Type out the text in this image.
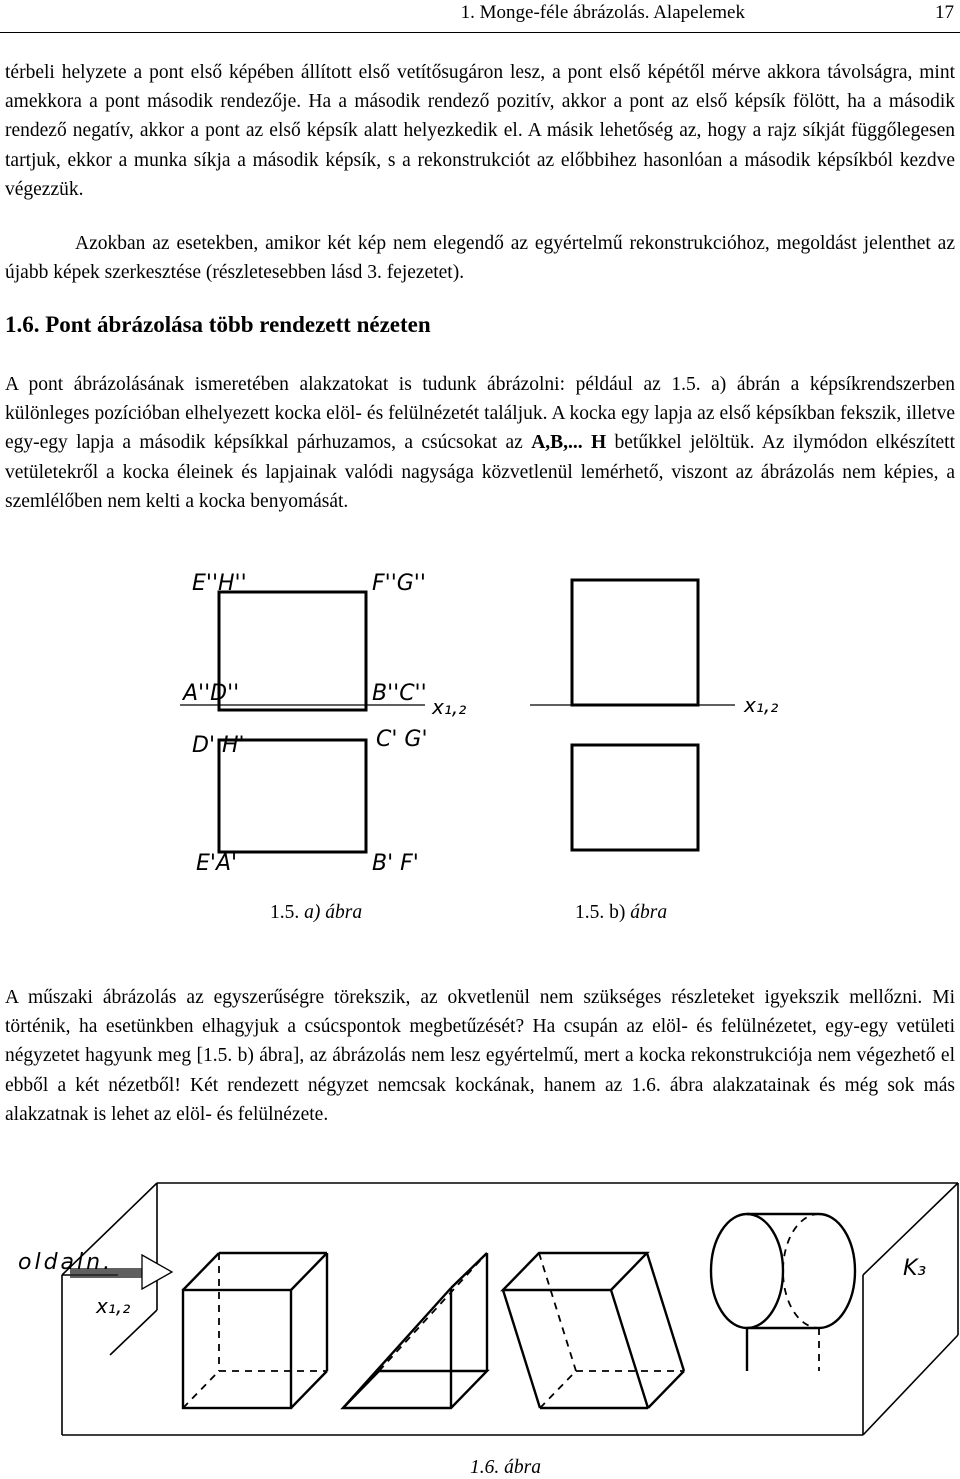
1. Monge-féle ábrázolás. Alapelemek	17

térbeli helyzete a pont első képében állított első vetítősugáron lesz, a pont első képétől mérve akkora távolságra, mint amekkora a pont második rendezője. Ha a második rendező pozitív, akkor a pont az első képsík fölött, ha a második rendező negatív, akkor a pont az első képsík alatt helyezkedik el. A másik lehetőség az, hogy a rajz síkját függőlegesen tartjuk, ekkor a munka síkja a második képsík, s a rekonstrukciót az előbbihez hasonlóan a második képsíkból kezdve végezzük.

Azokban az esetekben, amikor két kép nem elegendő az egyértelmű rekonstrukcióhoz, megoldást jelenthet az újabb képek szerkesztése (részletesebben lásd 3. fejezetet).

1.6. Pont ábrázolása több rendezett nézeten

A pont ábrázolásának ismeretében alakzatokat is tudunk ábrázolni: például az 1.5. a) ábrán a képsíkrendszerben különleges pozícióban elhelyezett kocka elöl- és felülnézetét találjuk. A kocka egy lapja az első képsíkban fekszik, illetve egy-egy lapja a második képsíkkal párhuzamos, a csúcsokat az A,B,... H betűkkel jelöltük. Az ilymódon elkészített vetületekről a kocka éleinek és lapjainak valódi nagysága közvetlenül lemérhető, viszont az ábrázolás nem képies, a szemlélőben nem kelti a kocka benyomását.

E''H''	F''G''
A''D''	B''C''
x₁,₂
D' H'	C' G'
E'A'	B' F'
x₁,₂
1.5. a) ábra	1.5. b) ábra

A műszaki ábrázolás az egyszerűségre törekszik, az okvetlenül nem szükséges részleteket igyekszik mellőzni. Mi történik, ha esetünkben elhagyjuk a csúcspontok megbetűzését? Ha csupán az elöl- és felülnézetet, egy-egy vetületi négyzetet hagyunk meg [1.5. b) ábra], az ábrázolás nem lesz egyértelmű, mert a kocka rekonstrukciója nem végezhető el ebből a két nézetből! Két rendezett négyzet nemcsak kockának, hanem az 1.6. ábra alakzatainak és még sok más alakzatnak is lehet az elöl- és felülnézete.

oldaln.
x₁,₂
K₃
1.6. ábra
